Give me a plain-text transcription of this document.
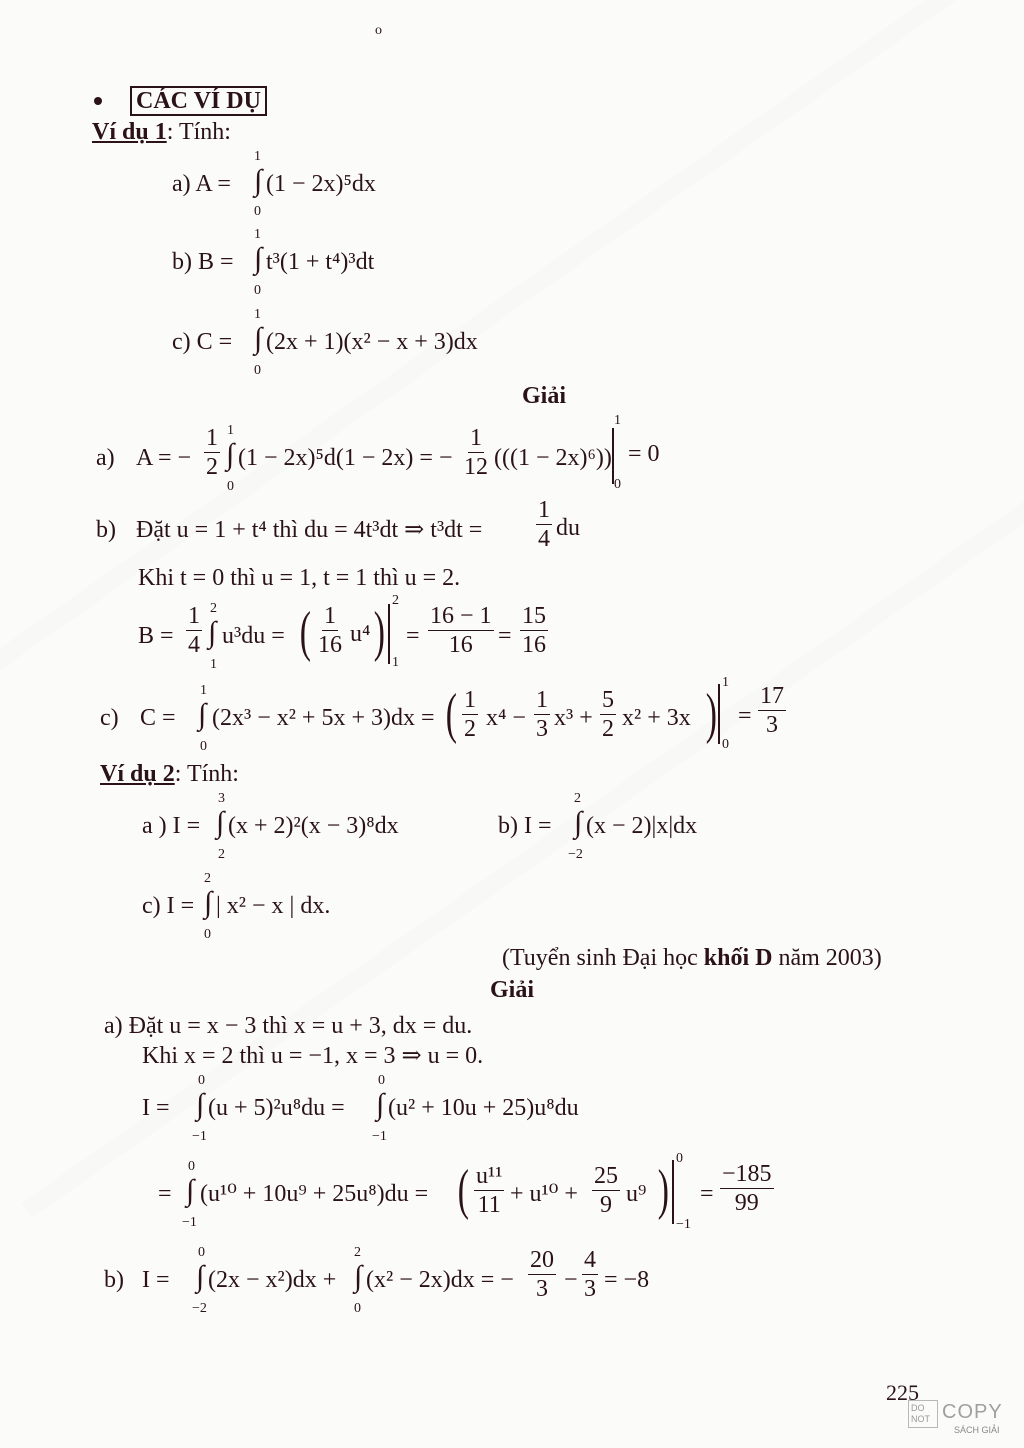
o
CÁC VÍ DỤ
Ví dụ 1: Tính:
a) A = ∫
1
0
(1 − 2x)⁵dx
b) B = ∫
1
0
t³(1 + t⁴)³dt
c) C = ∫
1
0
(2x + 1)(x² − x + 3)dx
Giải
a) A = − $\frac{1}{2}$ ∫
1
0
(1 − 2x)⁵d(1 − 2x) = − $\frac{1}{12} (((1 - 2x)^6))$
1
0
= 0
b) Đặt u = 1 + t⁴ thì du = 4t³dt ⇒ $t^3dt = \frac{1}{4}$ du
Khi t = 0 thì u = 1, t = 1 thì u = 2.
$B = \frac{1}{4}$ ∫
2
1
u³du = ( $\frac{1}{16} u^4$ )
2
1
= $\frac{16 - 1}{16} = \frac{15}{16}$
c) C = ∫
1
0
(2x³ − x² + 5x + 3)dx = ( $\frac{1}{2} x^4 - \frac{1}{3} x^3 + \frac{5}{2} x^2 + 3x$ )
1
0
= $\frac{17}{3}$
Ví dụ 2: Tính:
a ) I = ∫
3
2
(x + 2)²(x − 3)⁸dx	b) I = ∫
2
−2
(x − 2)|x|dx
c) I = ∫
2
0
| x² − x | dx.
(Tuyển sinh Đại học khối D năm 2003)
Giải
a) Đặt u = x − 3 thì x = u + 3, dx = du.
Khi x = 2 thì u = −1, x = 3 ⇒ u = 0.
I = ∫
0
−1
(u + 5)²u⁸du = ∫
0
−1
(u² + 10u + 25)u⁸du
= ∫
0
−1
(u¹⁰ + 10u⁹ + 25u⁸)du = ( $\frac{\text{u¹¹}}{11} + u^{10} + \frac{25}{9} u^9$ )
0
−1
= $\frac{-185}{99}$
b) I = ∫
0
−2
(2x − x²)dx + ∫
2
0
(x² − 2x)dx = − $\frac{20}{3} - \frac{4}{3} = -8$
225
DO NOT COPY
SÁCH GIẢI
